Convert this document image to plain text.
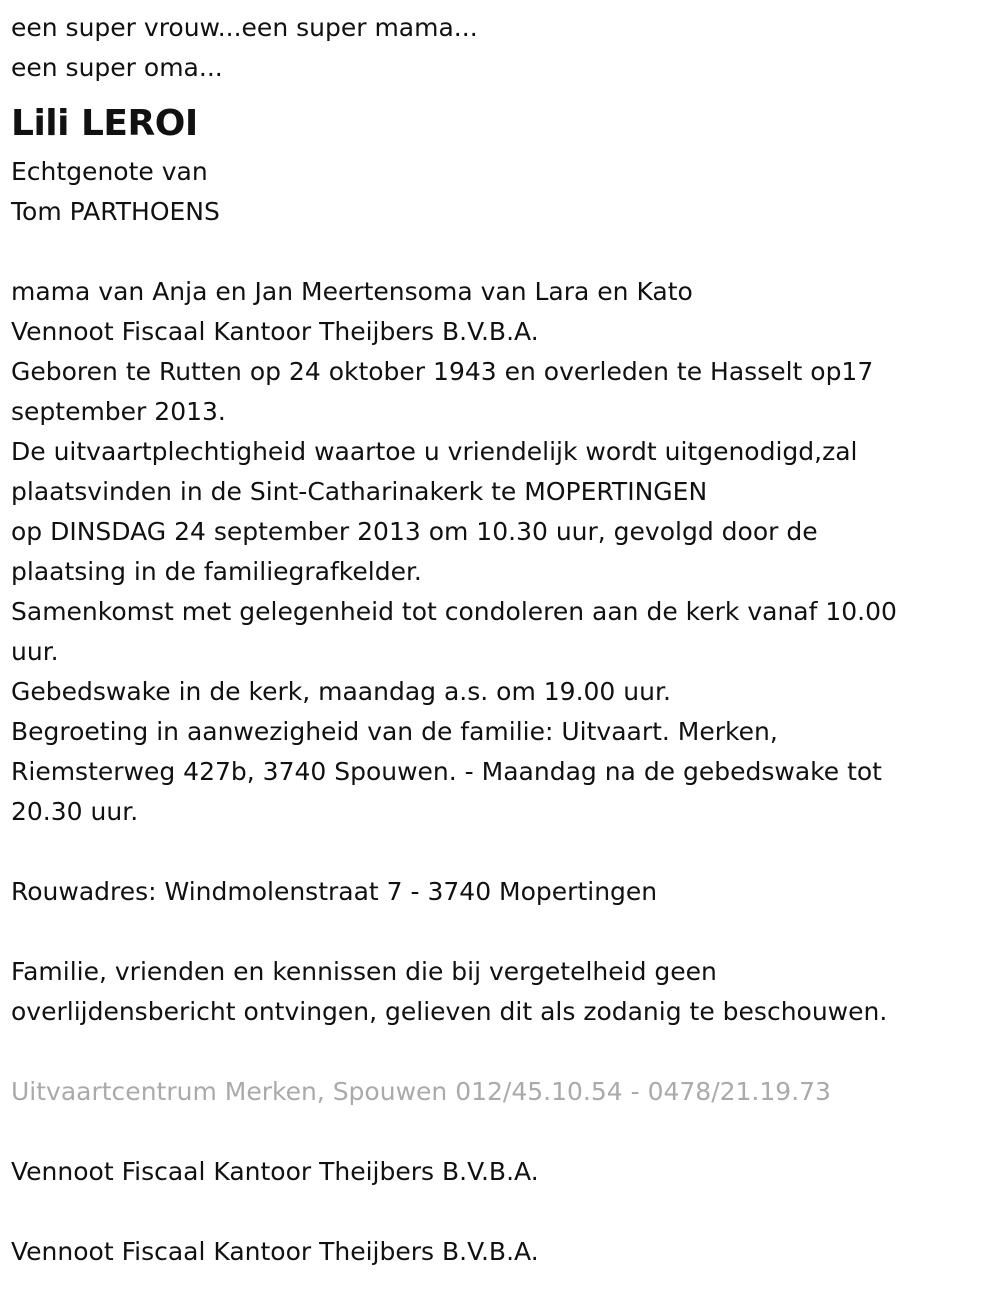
een super vrouw...een super mama...

een super oma...

Lili LEROI

Echtgenote van

Tom PARTHOENS

mama van Anja en Jan Meertensoma van Lara en Kato

Vennoot Fiscaal Kantoor Theijbers B.V.B.A.

Geboren te Rutten op 24 oktober 1943 en overleden te Hasselt op17

september 2013.

De uitvaartplechtigheid waartoe u vriendelijk wordt uitgenodigd,zal

plaatsvinden in de Sint-Catharinakerk te MOPERTINGEN

op DINSDAG 24 september 2013 om 10.30 uur, gevolgd door de

plaatsing in de familiegrafkelder.

Samenkomst met gelegenheid tot condoleren aan de kerk vanaf 10.00

uur.

Gebedswake in de kerk, maandag a.s. om 19.00 uur.

Begroeting in aanwezigheid van de familie: Uitvaart. Merken,

Riemsterweg 427b, 3740 Spouwen. - Maandag na de gebedswake tot

20.30 uur.

Rouwadres: Windmolenstraat 7 - 3740 Mopertingen

Familie, vrienden en kennissen die bij vergetelheid geen

overlijdensbericht ontvingen, gelieven dit als zodanig te beschouwen.

Uitvaartcentrum Merken, Spouwen 012/45.10.54 - 0478/21.19.73

Vennoot Fiscaal Kantoor Theijbers B.V.B.A.

Vennoot Fiscaal Kantoor Theijbers B.V.B.A.
